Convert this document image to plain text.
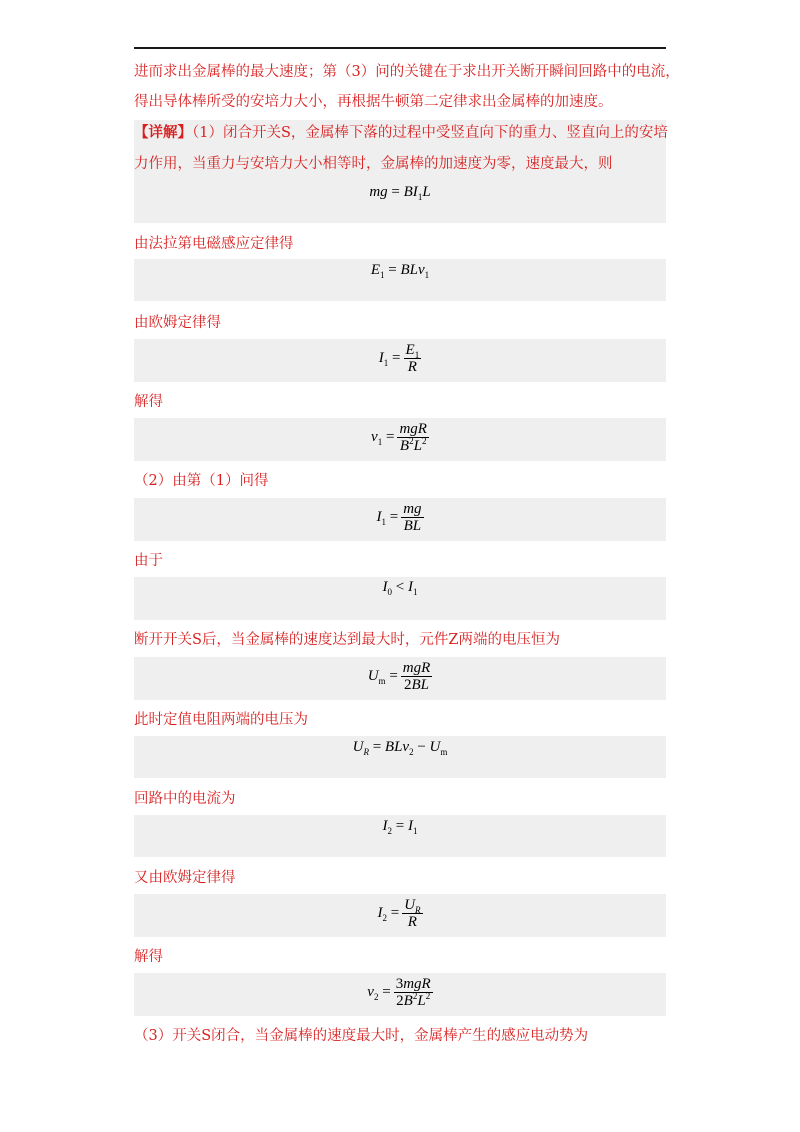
进而求出金属棒的最大速度；第（3）问的关键在于求出开关断开瞬间回路中的电流，
得出导体棒所受的安培力大小，再根据牛顿第二定律求出金属棒的加速度。
【详解】（1）闭合开关S，金属棒下落的过程中受竖直向下的重力、竖直向上的安培
力作用，当重力与安培力大小相等时，金属棒的加速度为零，速度最大，则
mg = $BI_1L$
由法拉第电磁感应定律得
$E_1 = BLv_1$
由欧姆定律得
$I_1 = \frac{E_1}{R}$
解得
$v_1 = \frac{\text{mgR}}{B^2L^2}$
（2）由第（1）问得
$I_1 = \frac{mg}{BL}$
由于
$I_0 < I_1$
断开开关S后，当金属棒的速度达到最大时，元件Z两端的电压恒为
$U_m = \frac{\text{mgR}}{2BL}$
此时定值电阻两端的电压为
$U_R = BLv_2 - U_m$
回路中的电流为
$I_2 = I_1$
又由欧姆定律得
$I_2 = \frac{U_R}{R}$
解得
$v_2 = \frac{\text{3mgR}}{2B^2L^2}$
（3）开关S闭合，当金属棒的速度最大时，金属棒产生的感应电动势为
